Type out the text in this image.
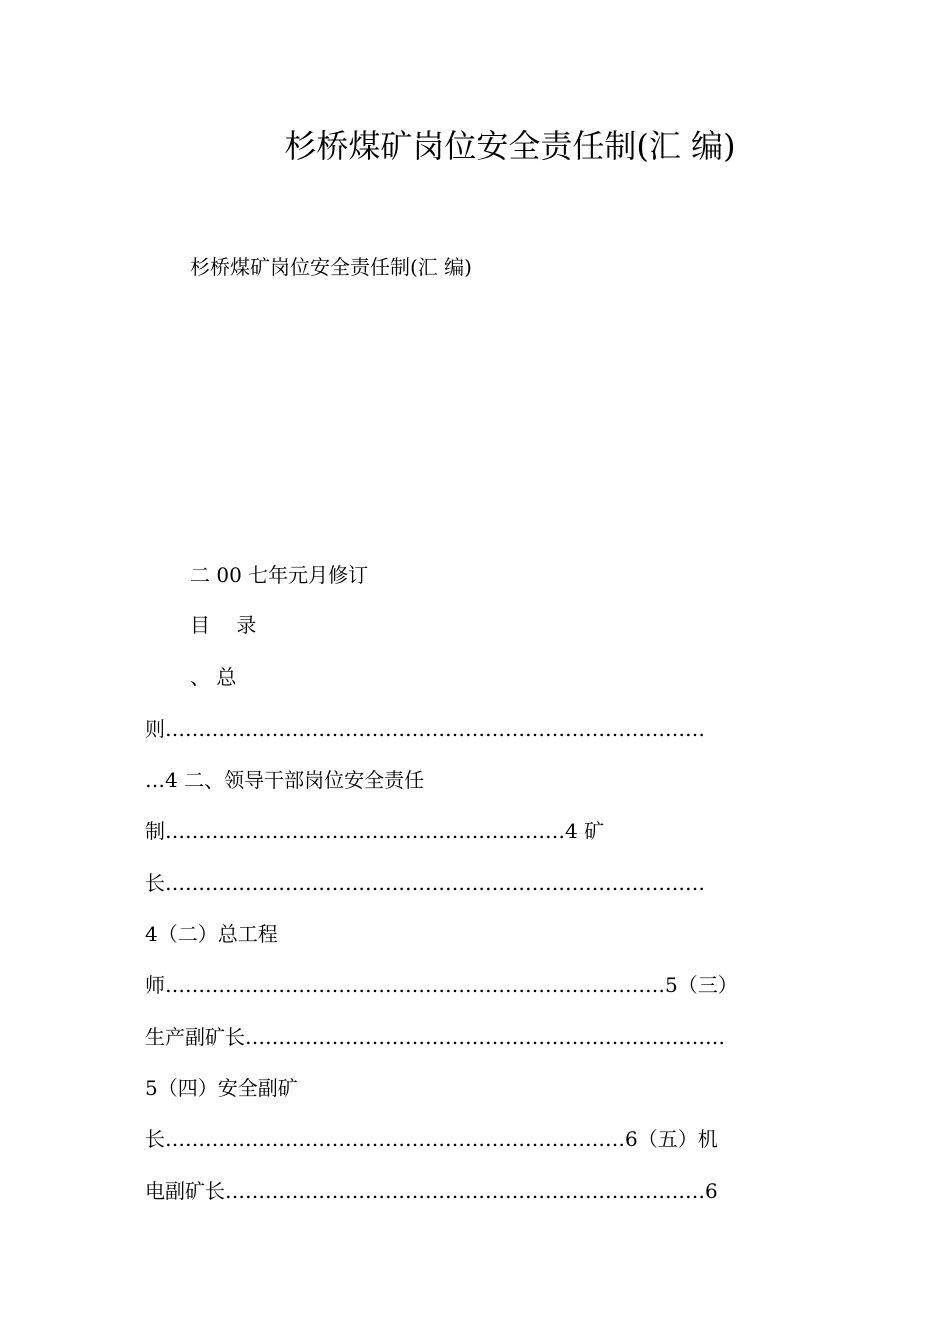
杉桥煤矿岗位安全责任制(汇 编)
杉桥煤矿岗位安全责任制(汇 编)
二 00 七年元月修订
目　 录
、 总
则………………………………………………………………………
…4 二、领导干部岗位安全责任
制……………………………………………………4 矿
长………………………………………………………………………
4（二）总工程
师…………………………………………………………………5（三）
生产副矿长………………………………………………………………
5（四）安全副矿
长……………………………………………………………6（五）机
电副矿长………………………………………………………………6
